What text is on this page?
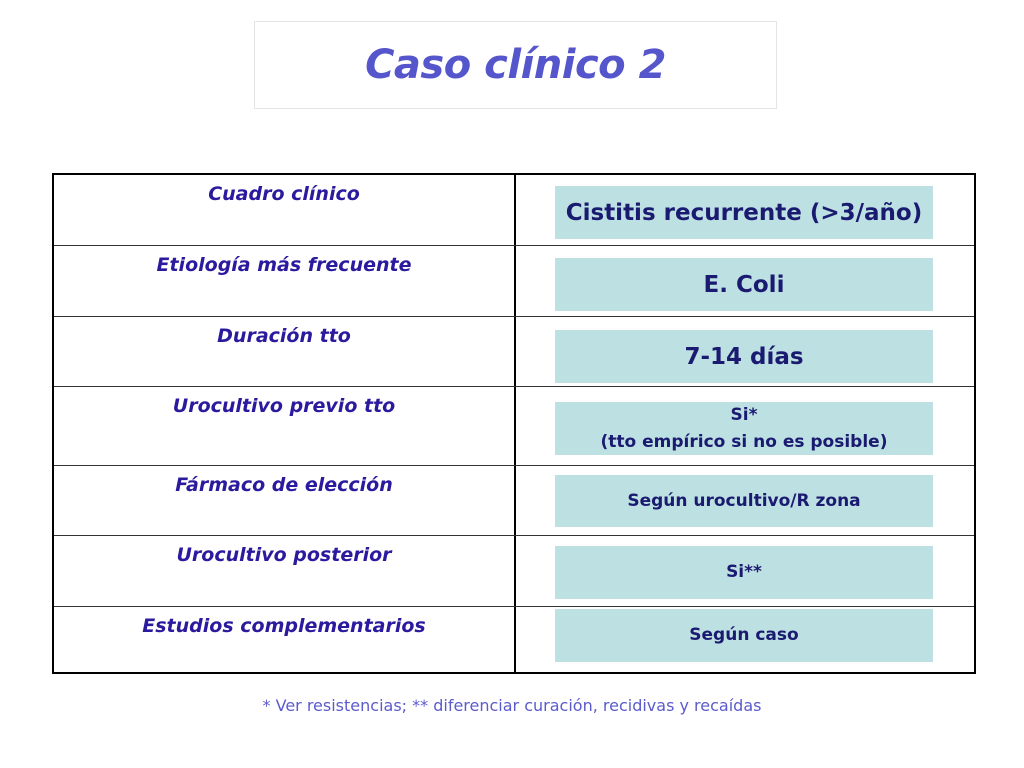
Caso clínico 2
Cuadro clínico
Cistitis recurrente (>3/año)
Etiología más frecuente
E. Coli
Duración tto
7-14 días
Urocultivo previo tto	Si*
(tto empírico si no es posible)
Fármaco de elección
Según urocultivo/R zona
Urocultivo posterior
Si**
Estudios complementarios	Según caso
* Ver resistencias; ** diferenciar curación, recidivas y recaídas
